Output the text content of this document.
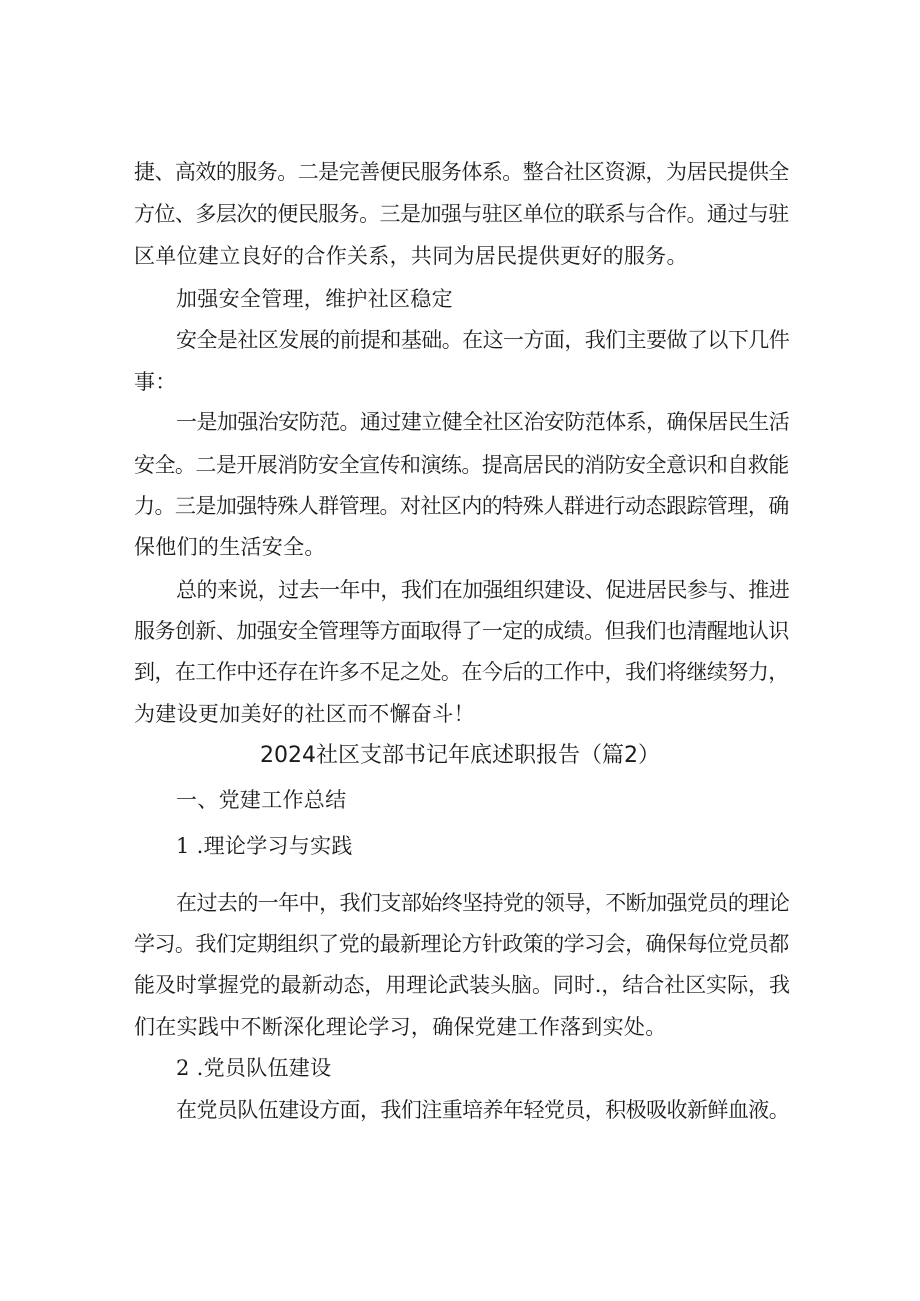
捷、高效的服务。二是完善便民服务体系。整合社区资源，为居民提供全
方位、多层次的便民服务。三是加强与驻区单位的联系与合作。通过与驻
区单位建立良好的合作关系，共同为居民提供更好的服务。
加强安全管理，维护社区稳定
安全是社区发展的前提和基础。在这一方面，我们主要做了以下几件
事：
一是加强治安防范。通过建立健全社区治安防范体系，确保居民生活
安全。二是开展消防安全宣传和演练。提高居民的消防安全意识和自救能
力。三是加强特殊人群管理。对社区内的特殊人群进行动态跟踪管理，确
保他们的生活安全。
总的来说，过去一年中，我们在加强组织建设、促进居民参与、推进
服务创新、加强安全管理等方面取得了一定的成绩。但我们也清醒地认识
到，在工作中还存在许多不足之处。在今后的工作中，我们将继续努力，
为建设更加美好的社区而不懈奋斗！
2024社区支部书记年底述职报告（篇2）
一、党建工作总结
1 .理论学习与实践
在过去的一年中，我们支部始终坚持党的领导，不断加强党员的理论
学习。我们定期组织了党的最新理论方针政策的学习会，确保每位党员都
能及时掌握党的最新动态，用理论武装头脑。同时.，结合社区实际，我
们在实践中不断深化理论学习，确保党建工作落到实处。
2 .党员队伍建设
在党员队伍建设方面，我们注重培养年轻党员，积极吸收新鲜血液。
